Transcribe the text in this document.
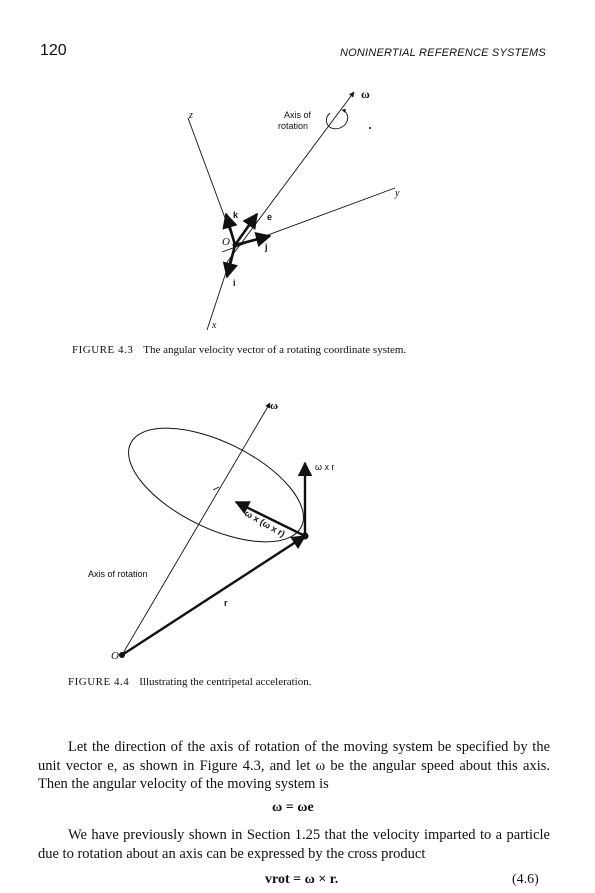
120	NONINERTIAL REFERENCE SYSTEMS
z
y
x
O
k	e
j
i
ω
Axis of
rotation
FIGURE 4.3 The angular velocity vector of a rotating coordinate system.
ω
ω x r
ω x (ω x r)
Axis of rotation
r
O
FIGURE 4.4 Illustrating the centripetal acceleration.
Let the direction of the axis of rotation of the moving system be specified by the unit vector e, as shown in Figure 4.3, and let ω be the angular speed about this axis. Then the angular velocity of the moving system is
ω = ωe
We have previously shown in Section 1.25 that the velocity imparted to a particle due to rotation about an axis can be expressed by the cross product
vrot = ω × r.	(4.6)
